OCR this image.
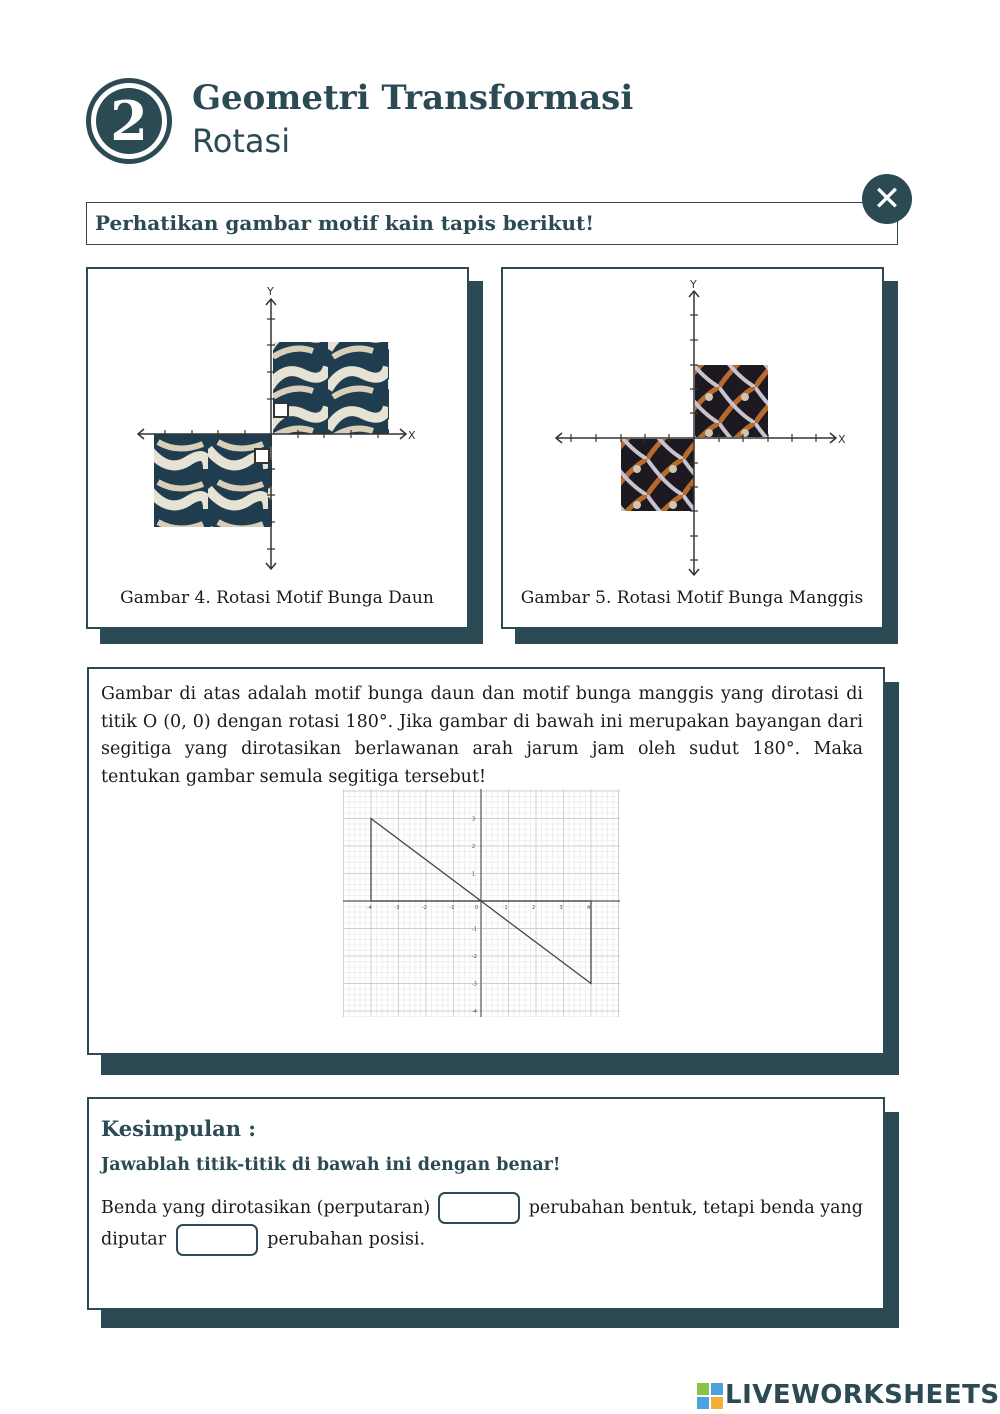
2	Geometri Transformasi
Rotasi
Perhatikan gambar motif kain tapis berikut!
✕
X
Y
Gambar 4. Rotasi Motif Bunga Daun
X
Y
Gambar 5. Rotasi Motif Bunga Manggis

Gambar di atas adalah motif bunga daun dan motif bunga manggis yang dirotasi di titik O (0, 0) dengan rotasi 180°. Jika gambar di bawah ini merupakan bayangan dari segitiga yang dirotasikan berlawanan arah jarum jam oleh sudut 180°. Maka tentukan gambar semula segitiga tersebut!

-4	-3	-2	-1	0	1	2	3	4
3
2
1
-1
-2
-3
-4
Kesimpulan :
Jawablah titik-titik di bawah ini dengan benar!
Benda yang dirotasikan (perputaran)	perubahan bentuk, tetapi benda yang
diputar	perubahan posisi.
LIVEWORKSHEETS
